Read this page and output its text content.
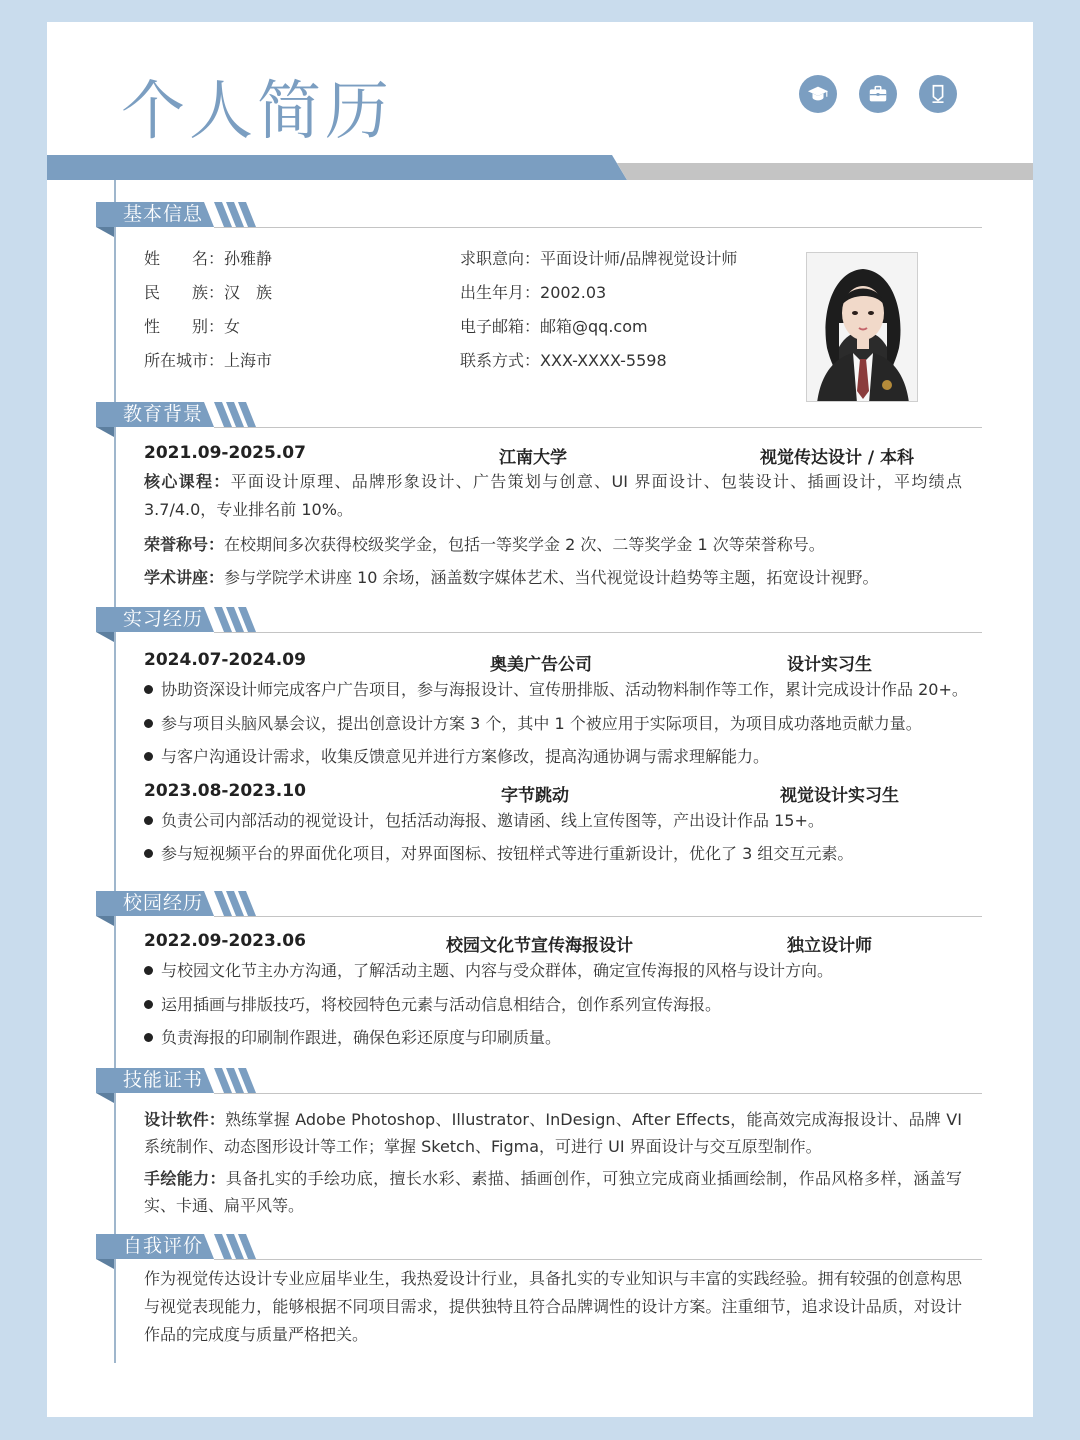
个人简历
基本信息
姓　　名：孙雅静
民　　族：汉　族
性　　别：女
所在城市：上海市
求职意向：平面设计师/品牌视觉设计师
出生年月：2002.03
电子邮箱：邮箱@qq.com
联系方式：XXX-XXXX-5598
教育背景
2021.09-2025.07	江南大学	视觉传达设计 / 本科
核心课程：平面设计原理、品牌形象设计、广告策划与创意、UI 界面设计、包装设计、插画设计，平均绩点 3.7/4.0，专业排名前 10%。
荣誉称号：在校期间多次获得校级奖学金，包括一等奖学金 2 次、二等奖学金 1 次等荣誉称号。
学术讲座：参与学院学术讲座 10 余场，涵盖数字媒体艺术、当代视觉设计趋势等主题，拓宽设计视野。
实习经历
2024.07-2024.09	奥美广告公司	设计实习生
协助资深设计师完成客户广告项目，参与海报设计、宣传册排版、活动物料制作等工作，累计完成设计作品 20+。
参与项目头脑风暴会议，提出创意设计方案 3 个，其中 1 个被应用于实际项目，为项目成功落地贡献力量。
与客户沟通设计需求，收集反馈意见并进行方案修改，提高沟通协调与需求理解能力。
2023.08-2023.10	字节跳动	视觉设计实习生
负责公司内部活动的视觉设计，包括活动海报、邀请函、线上宣传图等，产出设计作品 15+。
参与短视频平台的界面优化项目，对界面图标、按钮样式等进行重新设计，优化了 3 组交互元素。
校园经历
2022.09-2023.06	校园文化节宣传海报设计	独立设计师
与校园文化节主办方沟通，了解活动主题、内容与受众群体，确定宣传海报的风格与设计方向。
运用插画与排版技巧，将校园特色元素与活动信息相结合，创作系列宣传海报。
负责海报的印刷制作跟进，确保色彩还原度与印刷质量。
技能证书
设计软件：熟练掌握 Adobe Photoshop、Illustrator、InDesign、After Effects，能高效完成海报设计、品牌 VI 系统制作、动态图形设计等工作；掌握 Sketch、Figma，可进行 UI 界面设计与交互原型制作。
手绘能力：具备扎实的手绘功底，擅长水彩、素描、插画创作，可独立完成商业插画绘制，作品风格多样，涵盖写实、卡通、扁平风等。
自我评价
作为视觉传达设计专业应届毕业生，我热爱设计行业，具备扎实的专业知识与丰富的实践经验。拥有较强的创意构思与视觉表现能力，能够根据不同项目需求，提供独特且符合品牌调性的设计方案。注重细节，追求设计品质，对设计作品的完成度与质量严格把关。
